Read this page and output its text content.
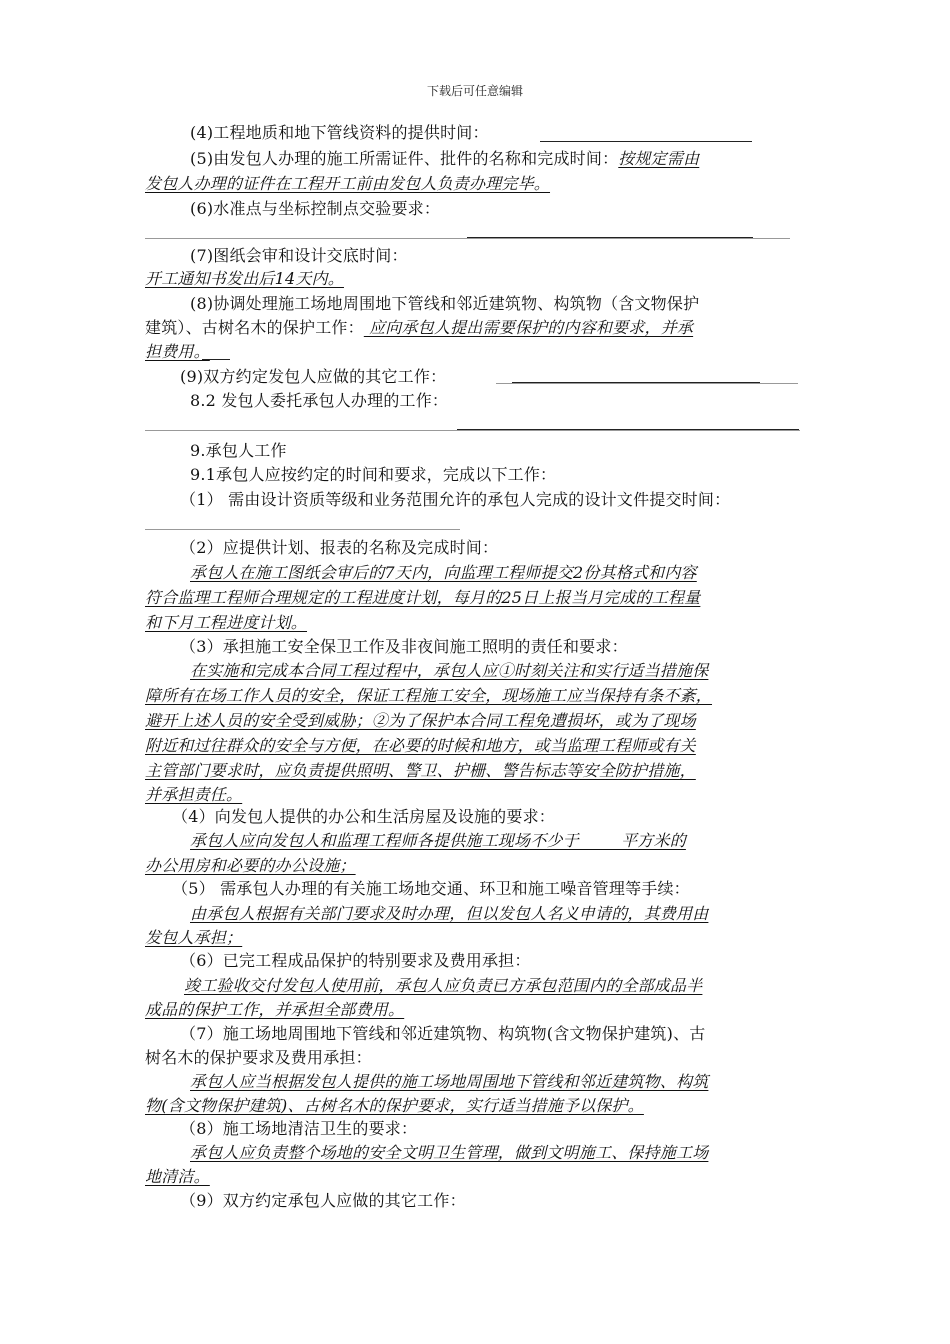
下载后可任意编辑
(4)工程地质和地下管线资料的提供时间：
(5)由发包人办理的施工所需证件、批件的名称和完成时间：按规定需由
发包人办理的证件在工程开工前由发包人负责办理完毕。
(6)水准点与坐标控制点交验要求：
(7)图纸会审和设计交底时间：
开工通知书发出后14天内。
(8)协调处理施工场地周围地下管线和邻近建筑物、构筑物（含文物保护
建筑）、古树名木的保护工作： 应向承包人提出需要保护的内容和要求，并承
担费用。
(9)双方约定发包人应做的其它工作：
8.2 发包人委托承包人办理的工作：
9.承包人工作
9.1承包人应按约定的时间和要求，完成以下工作：
（1） 需由设计资质等级和业务范围允许的承包人完成的设计文件提交时间：
（2）应提供计划、报表的名称及完成时间：
承包人在施工图纸会审后的7天内，向监理工程师提交2份其格式和内容
符合监理工程师合理规定的工程进度计划，每月的25日上报当月完成的工程量
和下月工程进度计划。
（3）承担施工安全保卫工作及非夜间施工照明的责任和要求：
在实施和完成本合同工程过程中，承包人应①时刻关注和实行适当措施保
障所有在场工作人员的安全，保证工程施工安全，现场施工应当保持有条不紊，
避开上述人员的安全受到威胁；②为了保护本合同工程免遭损坏，或为了现场
附近和过往群众的安全与方便，在必要的时候和地方，或当监理工程师或有关
主管部门要求时，应负责提供照明、警卫、护栅、警告标志等安全防护措施，
并承担责任。
（4）向发包人提供的办公和生活房屋及设施的要求：
承包人应向发包人和监理工程师各提供施工现场不少于        平方米的
办公用房和必要的办公设施；
（5） 需承包人办理的有关施工场地交通、环卫和施工噪音管理等手续：
由承包人根据有关部门要求及时办理，但以发包人名义申请的，其费用由
发包人承担；
（6）已完工程成品保护的特别要求及费用承担：
竣工验收交付发包人使用前，承包人应负责已方承包范围内的全部成品半
成品的保护工作，并承担全部费用。
（7）施工场地周围地下管线和邻近建筑物、构筑物(含文物保护建筑)、古
树名木的保护要求及费用承担：
承包人应当根据发包人提供的施工场地周围地下管线和邻近建筑物、构筑
物(含文物保护建筑)、古树名木的保护要求，实行适当措施予以保护。
（8）施工场地清洁卫生的要求：
承包人应负责整个场地的安全文明卫生管理，做到文明施工、保持施工场
地清洁。
（9）双方约定承包人应做的其它工作：
